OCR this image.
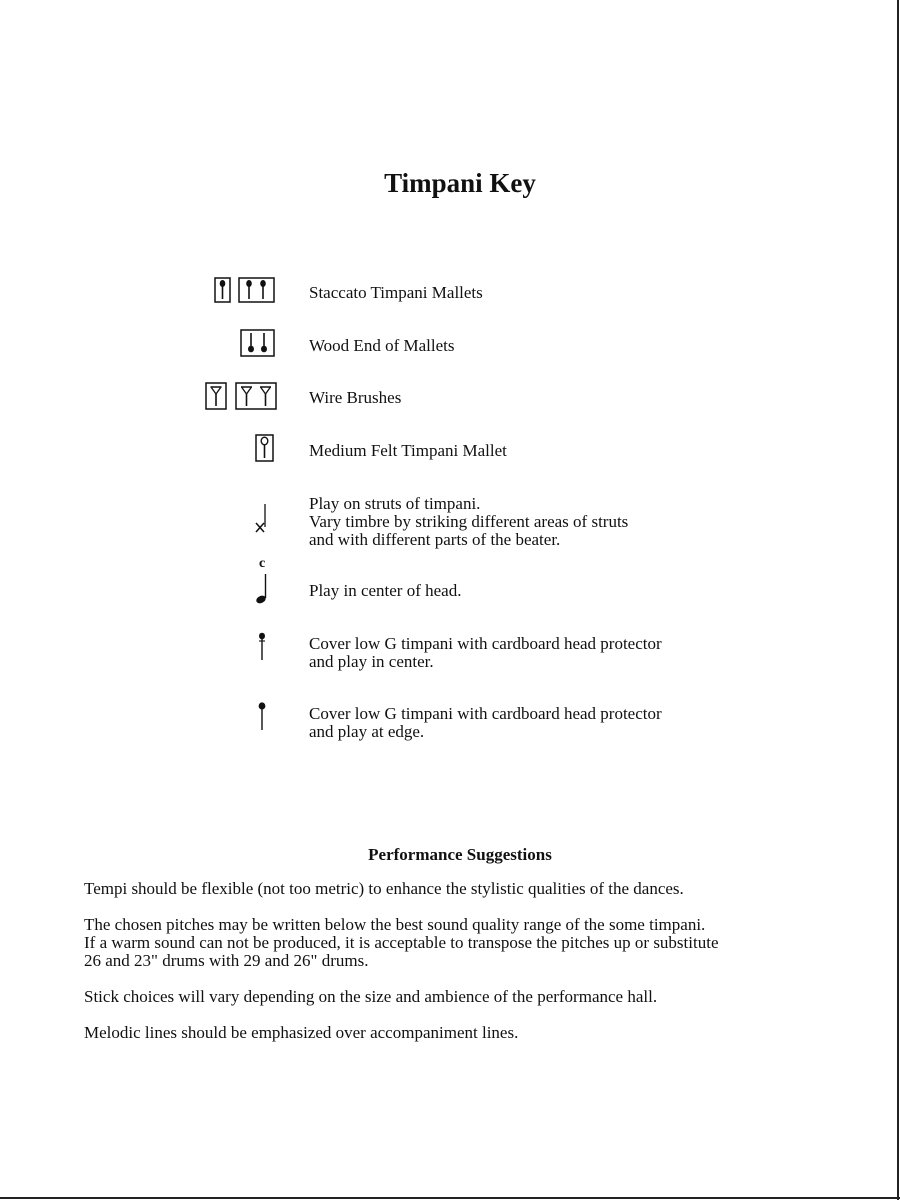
Timpani Key
Staccato Timpani Mallets
Wood End of Mallets
Wire Brushes
Medium Felt Timpani Mallet
Play on struts of timpani.
Vary timbre by striking different areas of struts
and with different parts of the beater.
c
Play in center of head.
Cover low G timpani with cardboard head protector
and play in center.
Cover low G timpani with cardboard head protector
and play at edge.
Performance Suggestions
Tempi should be flexible (not too metric) to enhance the stylistic qualities of the dances.
The chosen pitches may be written below the best sound quality range of the some timpani.
If a warm sound can not be produced, it is acceptable to transpose the pitches up or substitute
26 and 23" drums with 29 and 26" drums.
Stick choices will vary depending on the size and ambience of the performance hall.
Melodic lines should be emphasized over accompaniment lines.
